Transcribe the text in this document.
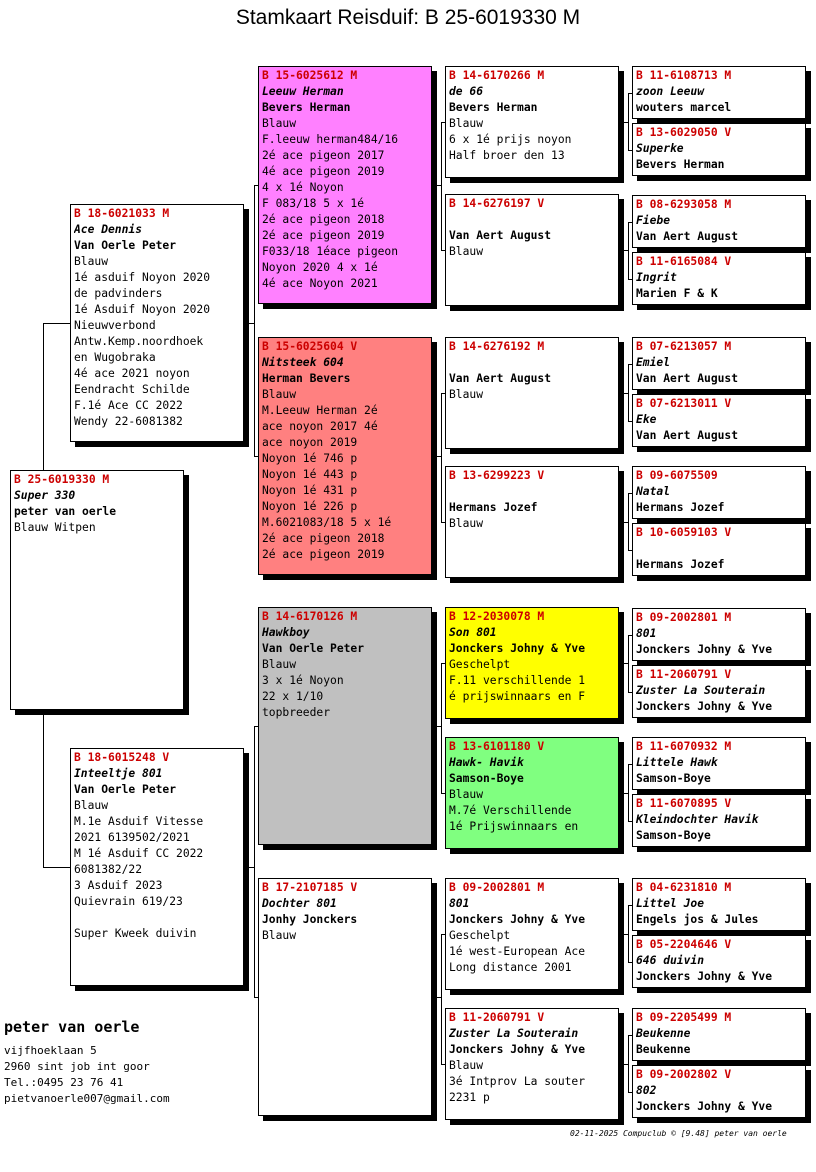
Stamkaart Reisduif: B 25-6019330 M
B 25-6019330 M
Super 330
peter van oerle
Blauw Witpen
B 18-6021033 M
Ace Dennis
Van Oerle Peter
Blauw
1é asduif Noyon 2020
de padvinders
1é Asduif Noyon 2020
Nieuwverbond
Antw.Kemp.noordhoek
en Wugobraka
4é ace 2021 noyon
Eendracht Schilde
F.1é Ace CC 2022
Wendy 22-6081382
B 18-6015248 V
Inteeltje 801
Van Oerle Peter
Blauw
M.1e Asduif Vitesse
2021 6139502/2021
M 1é Asduif CC 2022
6081382/22
3 Asduif 2023
Quievrain 619/23

Super Kweek duivin
B 15-6025612 M
Leeuw Herman
Bevers Herman
Blauw
F.leeuw herman484/16
2é ace pigeon 2017
4é ace pigeon 2019
4 x 1é Noyon
F 083/18 5 x 1é
2é ace pigeon 2018
2é ace pigeon 2019
F033/18 1éace pigeon
Noyon 2020 4 x 1é
4é ace Noyon 2021
B 15-6025604 V
Nitsteek 604
Herman Bevers
Blauw
M.Leeuw Herman 2é
ace noyon 2017 4é
ace noyon 2019
Noyon 1é 746 p
Noyon 1é 443 p
Noyon 1é 431 p
Noyon 1é 226 p
M.6021083/18 5 x 1é
2é ace pigeon 2018
2é ace pigeon 2019
B 14-6170126 M
Hawkboy
Van Oerle Peter
Blauw
3 x 1é Noyon
22 x 1/10
topbreeder
B 17-2107185 V
Dochter 801
Jonhy Jonckers
Blauw
B 14-6170266 M
de 66
Bevers Herman
Blauw
6 x 1é prijs noyon
Half broer den 13
B 14-6276197 V

Van Aert August
Blauw
B 14-6276192 M

Van Aert August
Blauw
B 13-6299223 V

Hermans Jozef
Blauw
B 12-2030078 M
Son 801
Jonckers Johny & Yve
Geschelpt
F.11 verschillende 1
é prijswinnaars en F
B 13-6101180 V
Hawk- Havik
Samson-Boye
Blauw
M.7é Verschillende
1é Prijswinnaars en
B 09-2002801 M
801
Jonckers Johny & Yve
Geschelpt
1é west-European Ace
Long distance 2001
B 11-2060791 V
Zuster La Souterain
Jonckers Johny & Yve
Blauw
3é Intprov La souter
2231 p
B 11-6108713 M
zoon Leeuw
wouters marcel
B 13-6029050 V
Superke
Bevers Herman
B 08-6293058 M
Fiebe
Van Aert August
B 11-6165084 V
Ingrit
Marien F & K
B 07-6213057 M
Emiel
Van Aert August
B 07-6213011 V
Eke
Van Aert August
B 09-6075509
Natal
Hermans Jozef
B 10-6059103 V

Hermans Jozef
B 09-2002801 M
801
Jonckers Johny & Yve
B 11-2060791 V
Zuster La Souterain
Jonckers Johny & Yve
B 11-6070932 M
Littele Hawk
Samson-Boye
B 11-6070895 V
Kleindochter Havik
Samson-Boye
B 04-6231810 M
Littel Joe
Engels jos & Jules
B 05-2204646 V
646 duivin
Jonckers Johny & Yve
B 09-2205499 M
Beukenne
Beukenne
B 09-2002802 V
802
Jonckers Johny & Yve
peter van oerle
vijfhoeklaan 5
2960 sint job int goor
Tel.:0495 23 76 41
pietvanoerle007@gmail.com
02-11-2025 Compuclub © [9.48] peter van oerle
